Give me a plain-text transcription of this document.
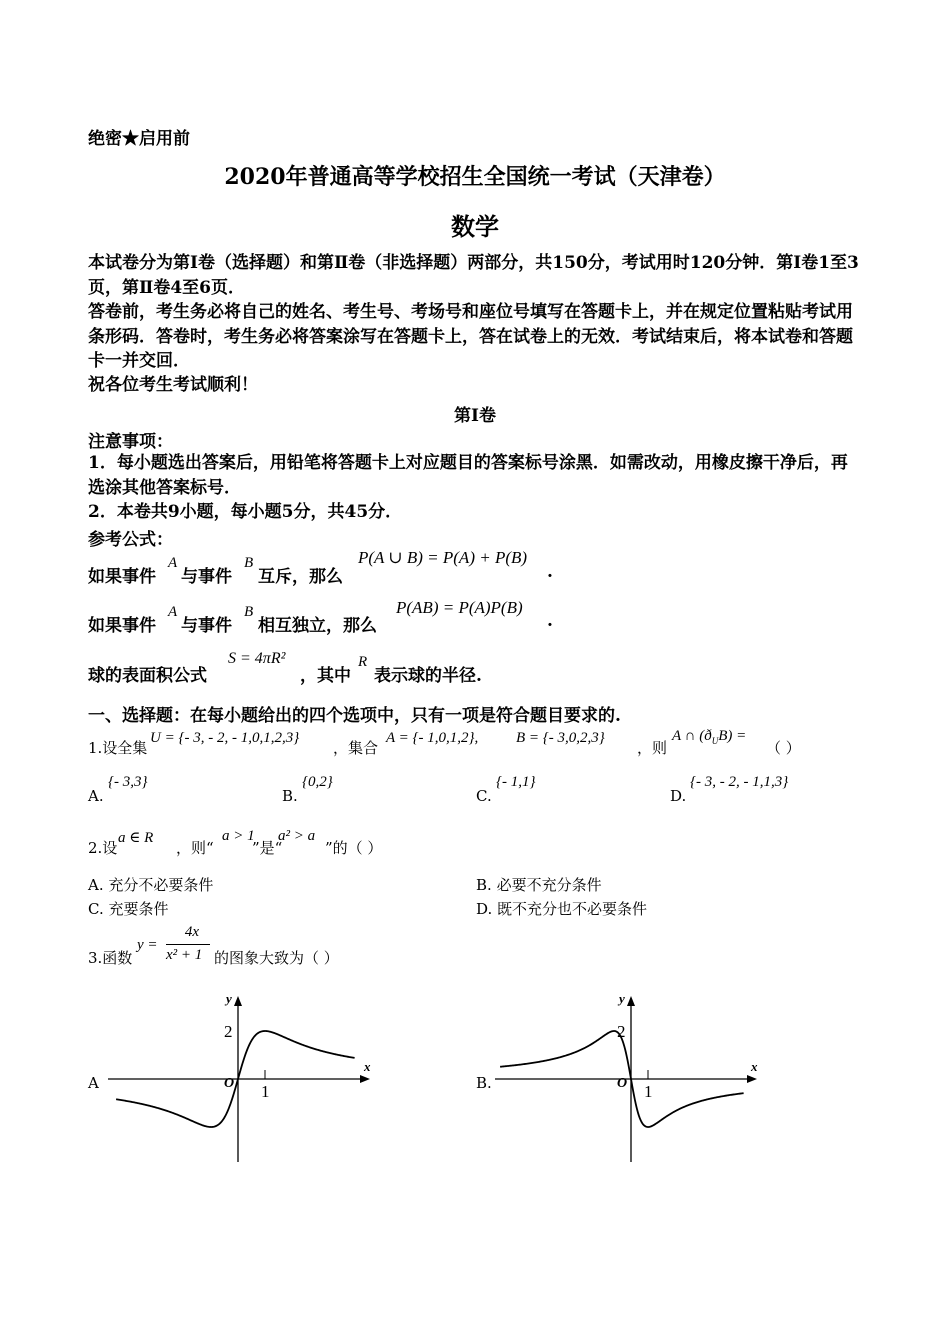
绝密★启用前
2020年普通高等学校招生全国统一考试（天津卷）
数学
本试卷分为第Ⅰ卷（选择题）和第Ⅱ卷（非选择题）两部分，共150分，考试用时120分钟．第Ⅰ卷1至3页，第Ⅱ卷4至6页．
答卷前，考生务必将自己的姓名、考生号、考场号和座位号填写在答题卡上，并在规定位置粘贴考试用条形码．答卷时，考生务必将答案涂写在答题卡上，答在试卷上的无效．考试结束后，将本试卷和答题卡一并交回．
祝各位考生考试顺利！
第I卷
注意事项：
1．每小题选出答案后，用铅笔将答题卡上对应题目的答案标号涂黑．如需改动，用橡皮擦干净后，再选涂其他答案标号．
2．本卷共9小题，每小题5分，共45分．
参考公式：
如果事件
A
与事件
B
互斥，那么
P(A ∪ B) = P(A) + P(B)
.
如果事件
A
与事件
B
相互独立，那么
P(AB) = P(A)P(B)
.
球的表面积公式
S = 4πR²
，其中
R
表示球的半径.
一、选择题：在每小题给出的四个选项中，只有一项是符合题目要求的.
1.设全集
U = {- 3, - 2, - 1,0,1,2,3}
，集合
A = {- 1,0,1,2},	B = {- 3,0,2,3}
，则
A ∩ $(ð_UB)$ =
（ ）
A.
{- 3,3}
B.
{0,2}
C.
{- 1,1}
D.
{- 3, - 2, - 1,1,3}
2.设
a ∈ R
，则“
a > 1
”是“
a² > a
”的（ ）
A. 充分不必要条件	B. 必要不充分条件
C. 充要条件	D. 既不充分也不必要条件
3.函数
y =
4x
x² + 1 的图象大致为（ ）
A	B.
y
x
O 1
2
y
x
O 1
2
